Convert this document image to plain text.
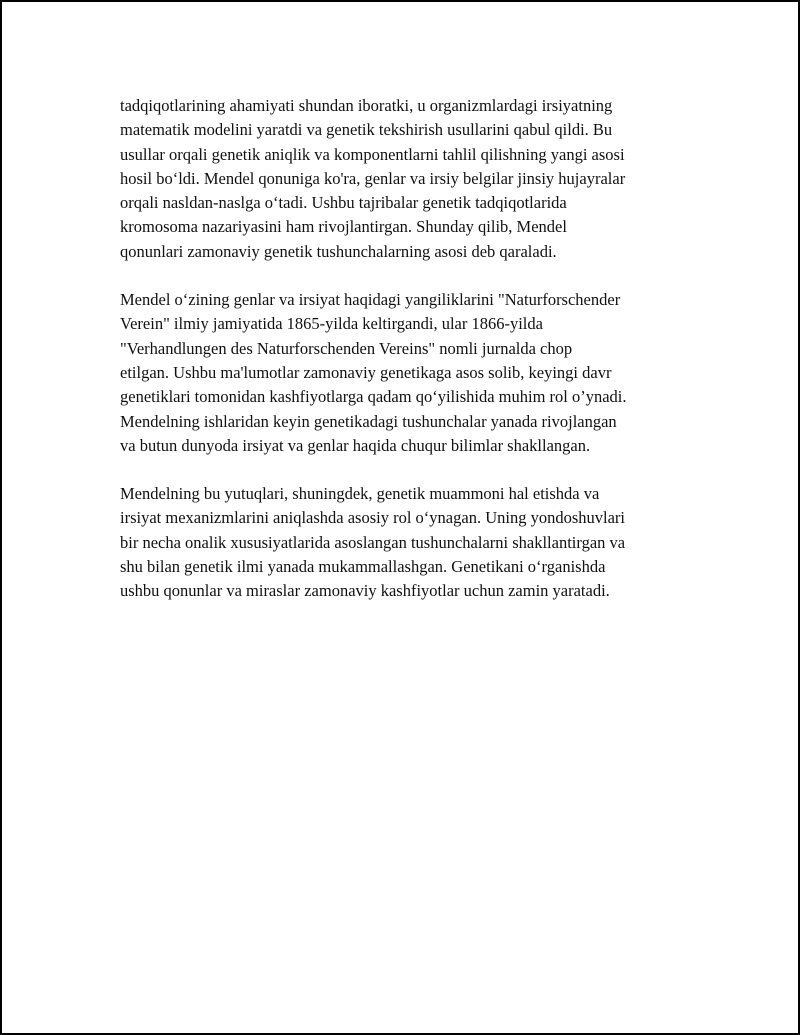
tadqiqotlarining ahamiyati shundan iboratki, u organizmlardagi irsiyatning
matematik modelini yaratdi va genetik tekshirish usullarini qabul qildi. Bu
usullar orqali genetik aniqlik va komponentlarni tahlil qilishning yangi asosi
hosil bo‘ldi. Mendel qonuniga ko'ra, genlar va irsiy belgilar jinsiy hujayralar
orqali nasldan-naslga o‘tadi. Ushbu tajribalar genetik tadqiqotlarida
kromosoma nazariyasini ham rivojlantirgan. Shunday qilib, Mendel
qonunlari zamonaviy genetik tushunchalarning asosi deb qaraladi.

Mendel o‘zining genlar va irsiyat haqidagi yangiliklarini "Naturforschender
Verein" ilmiy jamiyatida 1865-yilda keltirgandi, ular 1866-yilda
"Verhandlungen des Naturforschenden Vereins" nomli jurnalda chop
etilgan. Ushbu ma'lumotlar zamonaviy genetikaga asos solib, keyingi davr
genetiklari tomonidan kashfiyotlarga qadam qo‘yilishida muhim rol o’ynadi.
Mendelning ishlaridan keyin genetikadagi tushunchalar yanada rivojlangan
va butun dunyoda irsiyat va genlar haqida chuqur bilimlar shakllangan.

Mendelning bu yutuqlari, shuningdek, genetik muammoni hal etishda va
irsiyat mexanizmlarini aniqlashda asosiy rol o‘ynagan. Uning yondoshuvlari
bir necha onalik xususiyatlarida asoslangan tushunchalarni shakllantirgan va
shu bilan genetik ilmi yanada mukammallashgan. Genetikani o‘rganishda
ushbu qonunlar va miraslar zamonaviy kashfiyotlar uchun zamin yaratadi.
